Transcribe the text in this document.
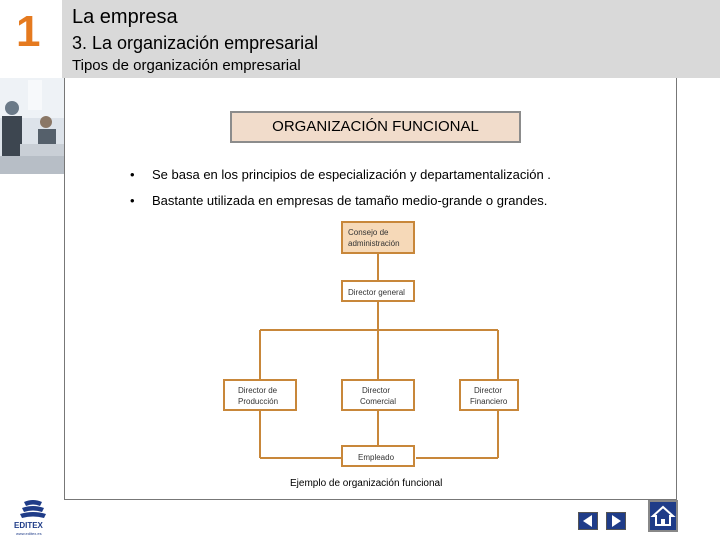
1 La empresa
3. La organización empresarial
Tipos de organización empresarial
ORGANIZACIÓN FUNCIONAL
• Se basa en los principios de especialización y departamentalización .
• Bastante utilizada en empresas de tamaño medio-grande o grandes.
Consejo de
administración
Director general
Director de
Producción
Director
Comercial
Director
Financiero
Empleado
Ejemplo de organización funcional
EDITEX
www.editex.es
